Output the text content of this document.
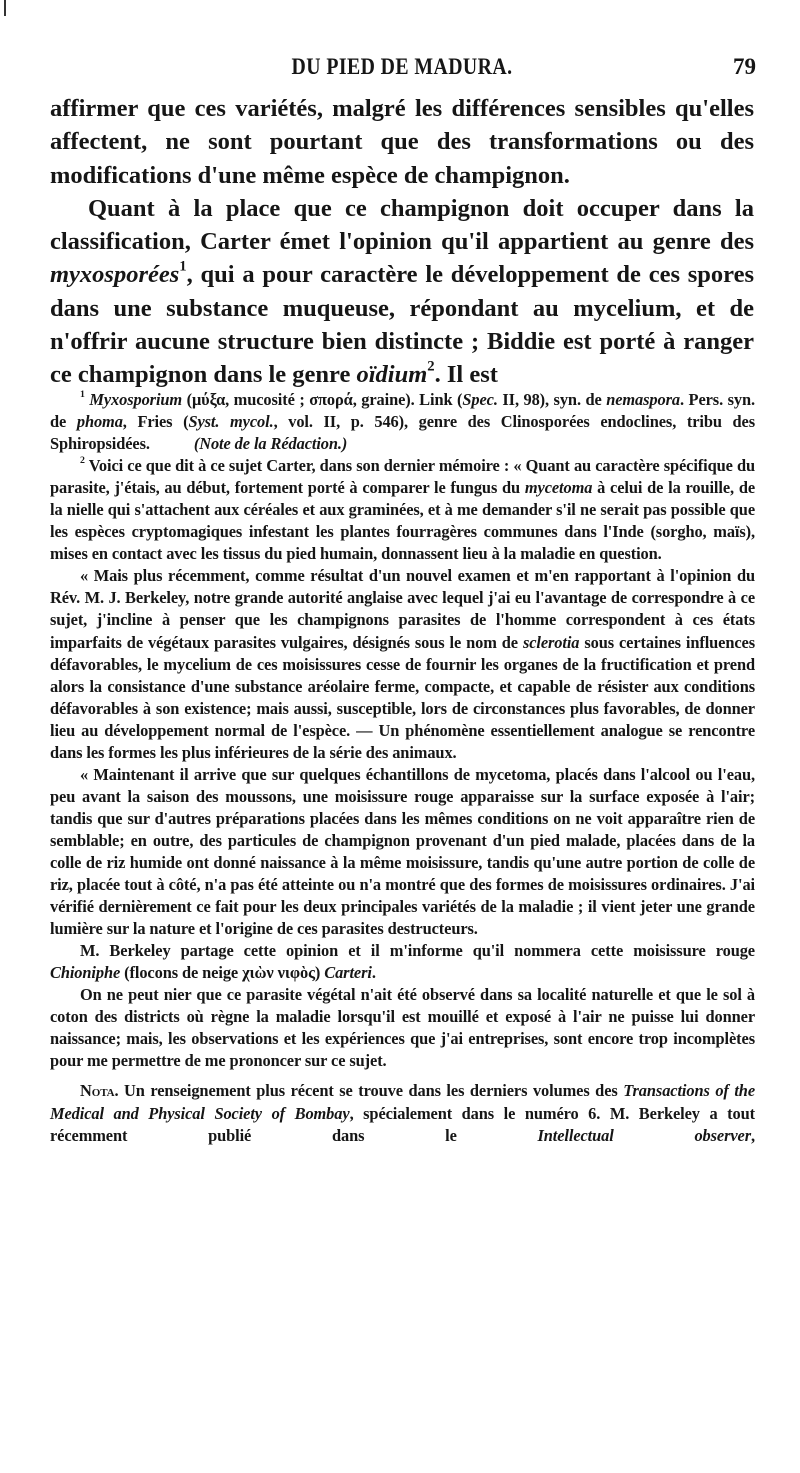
DU PIED DE MADURA.	79

affirmer que ces variétés, malgré les différences sensibles qu'elles affectent, ne sont pourtant que des transformations ou des modifications d'une même espèce de champignon.

Quant à la place que ce champignon doit occuper dans la classification, Carter émet l'opinion qu'il appartient au genre des myxosporées$^1$, qui a pour caractère le développement de ces spores dans une substance muqueuse, répondant au mycelium, et de n'offrir aucune structure bien distincte ; Biddie est porté à ranger ce champignon dans le genre oïdium$^2$. Il est

$^1$ Myxosporium (μύξα, mucosité ; σπορά, graine). Link (Spec. II, 98), syn. de nemaspora. Pers. syn. de phoma, Fries (Syst. mycol., vol. II, p. 546), genre des Clinosporées endoclines, tribu des Sphiropsidées.	(Note de la Rédaction.)

$^2$ Voici ce que dit à ce sujet Carter, dans son dernier mémoire : « Quant au caractère spécifique du parasite, j'étais, au début, fortement porté à comparer le fungus du mycetoma à celui de la rouille, de la nielle qui s'attachent aux céréales et aux graminées, et à me demander s'il ne serait pas possible que les espèces cryptomagiques infestant les plantes fourragères communes dans l'Inde (sorgho, maïs), mises en contact avec les tissus du pied humain, donnassent lieu à la maladie en question.

« Mais plus récemment, comme résultat d'un nouvel examen et m'en rapportant à l'opinion du Rév. M. J. Berkeley, notre grande autorité anglaise avec lequel j'ai eu l'avantage de correspondre à ce sujet, j'incline à penser que les champignons parasites de l'homme correspondent à ces états imparfaits de végétaux parasites vulgaires, désignés sous le nom de sclerotia sous certaines influences défavorables, le mycelium de ces moisissures cesse de fournir les organes de la fructification et prend alors la consistance d'une substance aréolaire ferme, compacte, et capable de résister aux conditions défavorables à son existence; mais aussi, susceptible, lors de circonstances plus favorables, de donner lieu au développement normal de l'espèce. — Un phénomène essentiellement analogue se rencontre dans les formes les plus inférieures de la série des animaux.

« Maintenant il arrive que sur quelques échantillons de mycetoma, placés dans l'alcool ou l'eau, peu avant la saison des moussons, une moisissure rouge apparaisse sur la surface exposée à l'air; tandis que sur d'autres préparations placées dans les mêmes conditions on ne voit apparaître rien de semblable; en outre, des particules de champignon provenant d'un pied malade, placées dans de la colle de riz humide ont donné naissance à la même moisissure, tandis qu'une autre portion de colle de riz, placée tout à côté, n'a pas été atteinte ou n'a montré que des formes de moisissures ordinaires. J'ai vérifié dernièrement ce fait pour les deux principales variétés de la maladie ; il vient jeter une grande lumière sur la nature et l'origine de ces parasites destructeurs.

M. Berkeley partage cette opinion et il m'informe qu'il nommera cette moisissure rouge Chioniphe (flocons de neige χιὼν νιφὸς) Carteri.

On ne peut nier que ce parasite végétal n'ait été observé dans sa localité naturelle et que le sol à coton des districts où règne la maladie lorsqu'il est mouillé et exposé à l'air ne puisse lui donner naissance; mais, les observations et les expériences que j'ai entreprises, sont encore trop incomplètes pour me permettre de me prononcer sur ce sujet.

Nota. Un renseignement plus récent se trouve dans les derniers volumes des Transactions of the Medical and Physical Society of Bombay, spécialement dans le numéro 6. M. Berkeley a tout récemment publié dans le Intellectual observer,
